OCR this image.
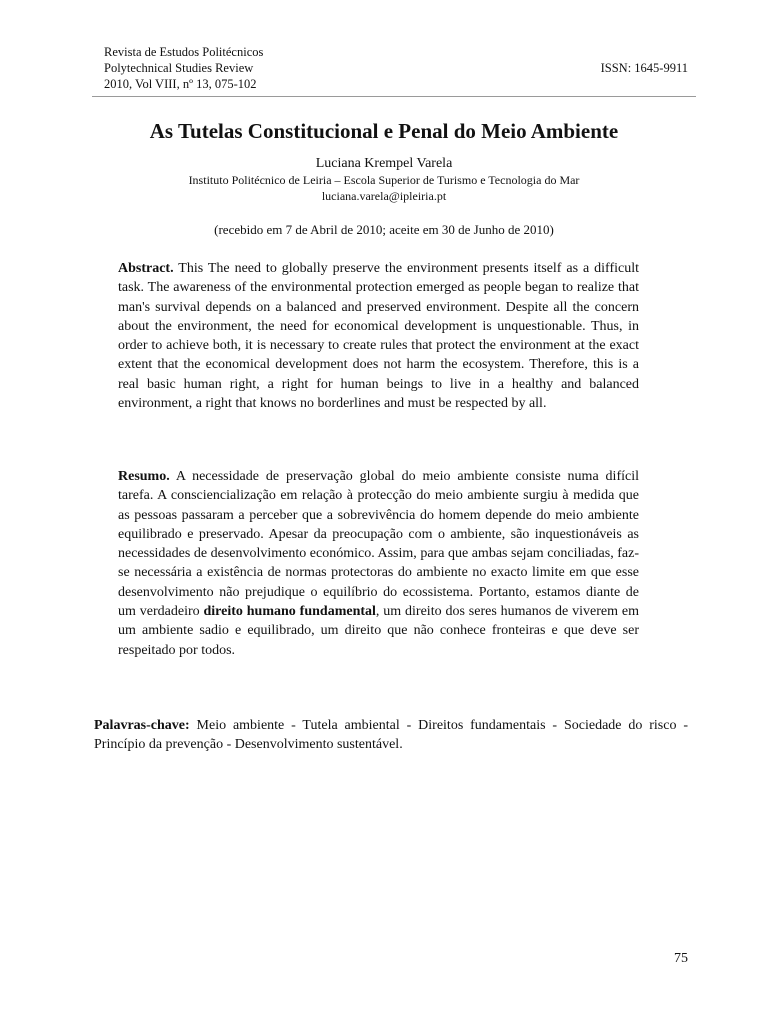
Revista de Estudos Politécnicos
Polytechnical Studies Review
2010, Vol VIII, nº 13, 075-102
ISSN: 1645-9911
As Tutelas Constitucional e Penal do Meio Ambiente
Luciana Krempel Varela
Instituto Politécnico de Leiria – Escola Superior de Turismo e Tecnologia do Mar
luciana.varela@ipleiria.pt
(recebido em 7 de Abril de 2010; aceite em 30 de Junho de 2010)
Abstract. This The need to globally preserve the environment presents itself as a difficult task. The awareness of the environmental protection emerged as people began to realize that man's survival depends on a balanced and preserved environment. Despite all the concern about the environment, the need for economical development is unquestionable. Thus, in order to achieve both, it is necessary to create rules that protect the environment at the exact extent that the economical development does not harm the ecosystem. Therefore, this is a real basic human right, a right for human beings to live in a healthy and balanced environment, a right that knows no borderlines and must be respected by all.
Resumo. A necessidade de preservação global do meio ambiente consiste numa difícil tarefa. A consciencialização em relação à protecção do meio ambiente surgiu à medida que as pessoas passaram a perceber que a sobrevivência do homem depende do meio ambiente equilibrado e preservado. Apesar da preocupação com o ambiente, são inquestionáveis as necessidades de desenvolvimento económico. Assim, para que ambas sejam conciliadas, faz-se necessária a existência de normas protectoras do ambiente no exacto limite em que esse desenvolvimento não prejudique o equilíbrio do ecossistema. Portanto, estamos diante de um verdadeiro direito humano fundamental, um direito dos seres humanos de viverem em um ambiente sadio e equilibrado, um direito que não conhece fronteiras e que deve ser respeitado por todos.
Palavras-chave: Meio ambiente - Tutela ambiental - Direitos fundamentais - Sociedade do risco - Princípio da prevenção - Desenvolvimento sustentável.
75
